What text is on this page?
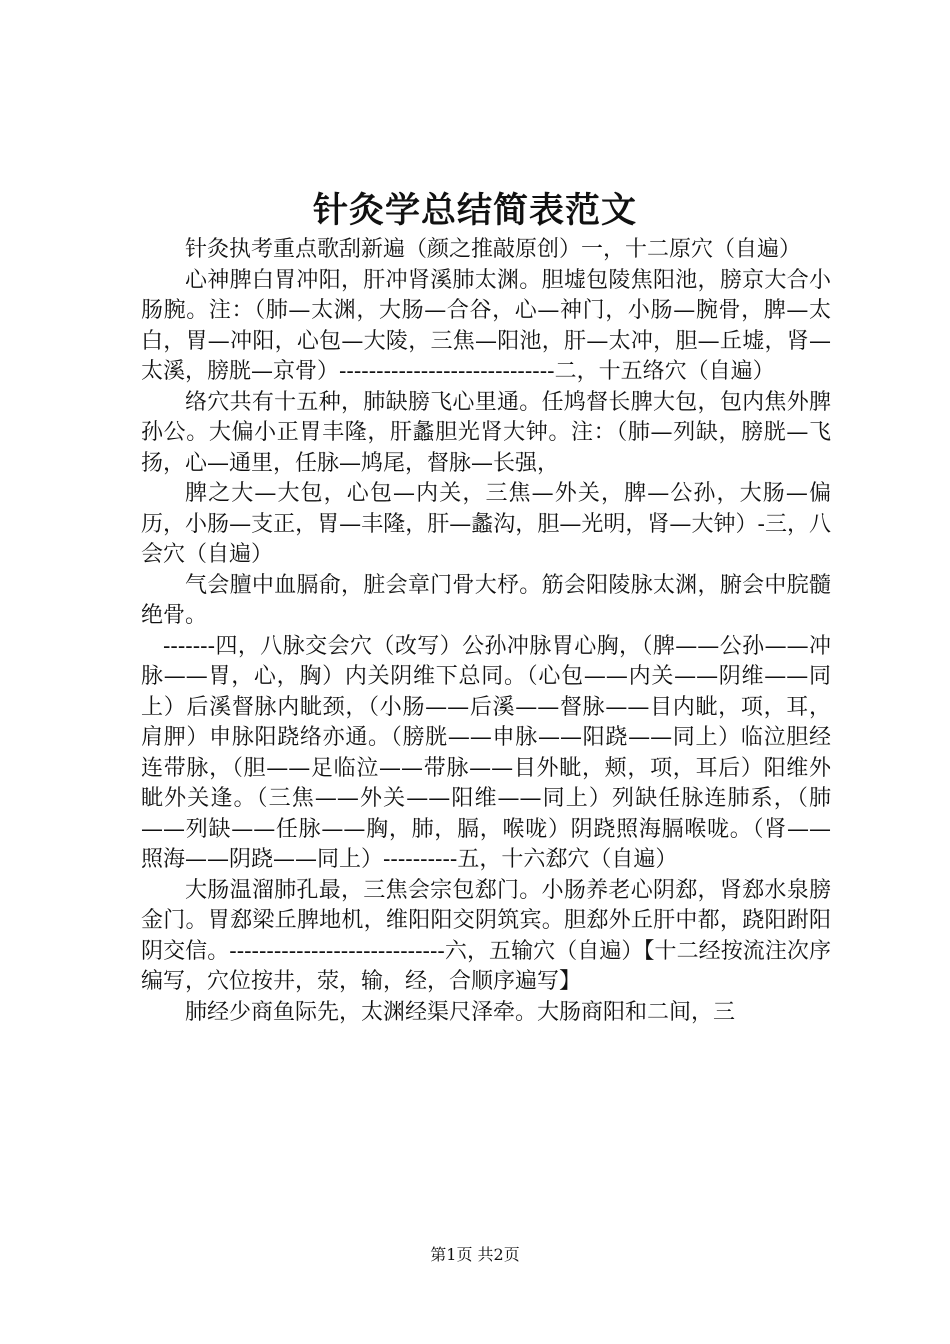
针灸学总结简表范文

针灸执考重点歌刮新遍（颜之推敲原创）一，十二原穴（自遍）

心神脾白胃冲阳，肝冲肾溪肺太渊。胆墟包陵焦阳池，膀京大合小肠腕。注：（肺—太渊，大肠—合谷，心—神门，小肠—腕骨，脾—太白，胃—冲阳，心包—大陵，三焦—阳池，肝—太冲，胆—丘墟，肾—太溪，膀胱—京骨）-----------------------------二，十五络穴（自遍）

络穴共有十五种，肺缺膀飞心里通。任鸠督长脾大包，包内焦外脾孙公。大偏小正胃丰隆，肝蠡胆光肾大钟。注：（肺—列缺，膀胱—飞扬，心—通里，任脉—鸠尾，督脉—长强，

脾之大—大包，心包—内关，三焦—外关，脾—公孙，大肠—偏历，小肠—支正，胃—丰隆，肝—蠡沟，胆—光明，肾—大钟）-三，八会穴（自遍）

气会膻中血膈俞，脏会章门骨大杼。筋会阳陵脉太渊，腑会中脘髓绝骨。

-------四，八脉交会穴（改写）公孙冲脉胃心胸，（脾——公孙——冲脉——胃，心，胸）内关阴维下总同。（心包——内关——阴维——同上）后溪督脉内眦颈，（小肠——后溪——督脉——目内眦，项，耳，肩胛）申脉阳跷络亦通。（膀胱——申脉——阳跷——同上）临泣胆经连带脉，（胆——足临泣——带脉——目外眦，颊，项，耳后）阳维外眦外关逢。（三焦——外关——阳维——同上）列缺任脉连肺系，（肺——列缺——任脉——胸，肺，膈，喉咙）阴跷照海膈喉咙。（肾——照海——阴跷——同上）----------五，十六郄穴（自遍）

大肠温溜肺孔最，三焦会宗包郄门。小肠养老心阴郄，肾郄水泉膀金门。胃郄梁丘脾地机，维阳阳交阴筑宾。胆郄外丘肝中都，跷阳跗阳阴交信。-----------------------------六，五输穴（自遍）【十二经按流注次序编写，穴位按井，荥，输，经，合顺序遍写】

肺经少商鱼际先，太渊经渠尺泽牵。大肠商阳和二间，三

第1页 共2页
